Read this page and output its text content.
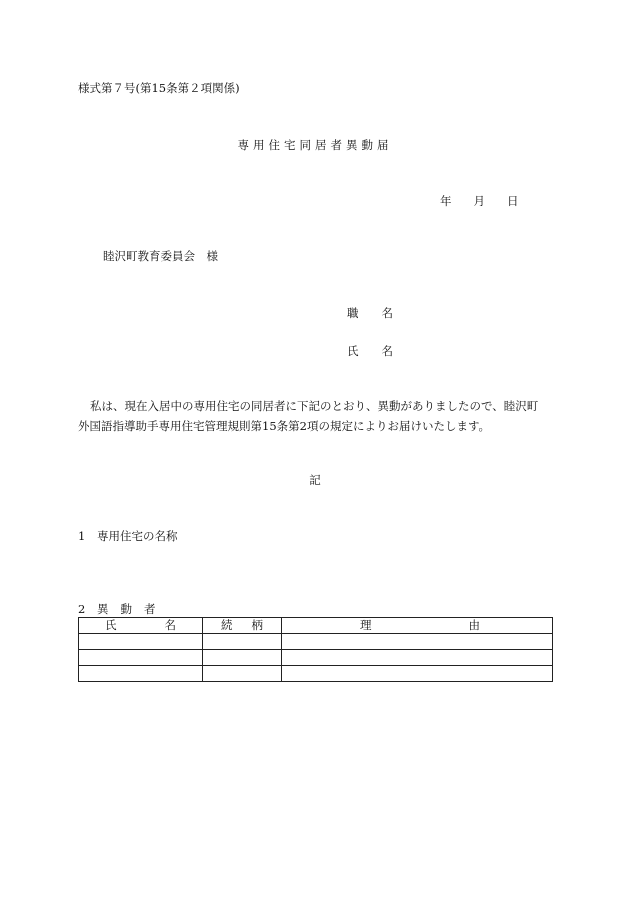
様式第７号(第15条第２項関係)
専用住宅同居者異動届
年 月 日
睦沢町教育委員会　様
職 名
氏 名
私は、現在入居中の専用住宅の同居者に下記のとおり、異動がありましたので、睦沢町
外国語指導助手専用住宅管理規則第15条第2項の規定によりお届けいたします。
記
1 専用住宅の名称
2 異 動 者
氏 名	続 柄	理 由
